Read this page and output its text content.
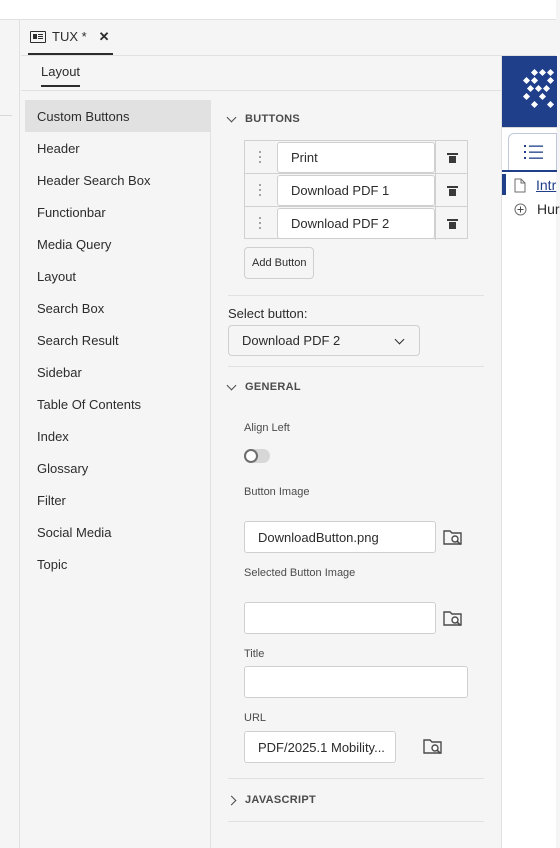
TUX * ✕
Layout
Custom Buttons
Header
Header Search Box
Functionbar
Media Query
Layout
Search Box
Search Result
Sidebar
Table Of Contents
Index
Glossary
Filter
Social Media
Topic
BUTTONS
Print
Download PDF 1
Download PDF 2
Add Button
Select button:
Download PDF 2
GENERAL
Align Left
Button Image
DownloadButton.png
Selected Button Image
Title
URL
PDF/2025.1 Mobility...
JAVASCRIPT
Intr
Hur
